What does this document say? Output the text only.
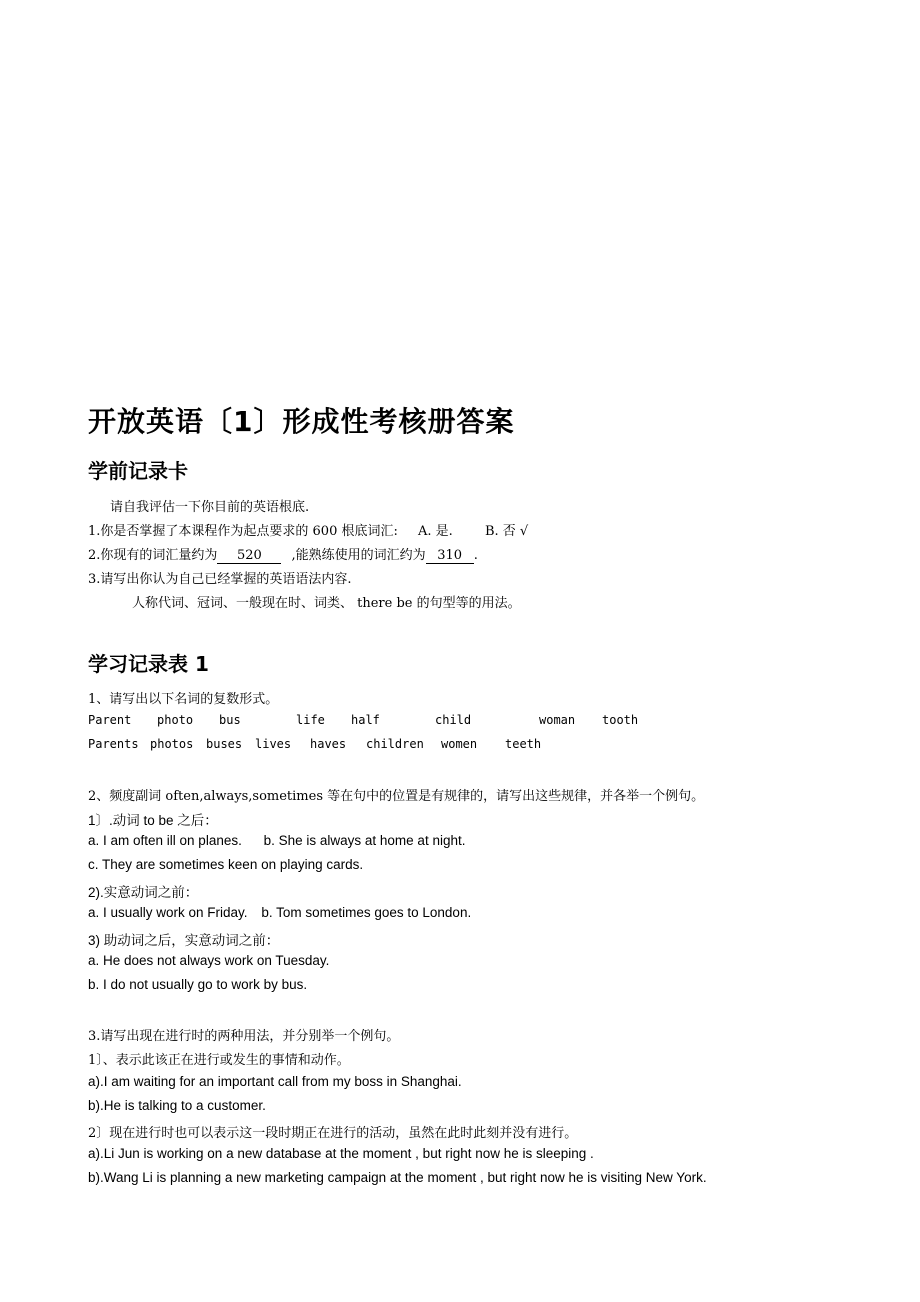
开放英语〔1〕形成性考核册答案
学前记录卡
请自我评估一下你目前的英语根底.
1.你是否掌握了本课程作为起点要求的 600 根底词汇: A. 是. B. 否 √
2.你现有的词汇量约为 520 ,能熟练使用的词汇约为 310 .
3.请写出你认为自己已经掌握的英语语法内容.
人称代词、冠词、一般现在时、词类、 there be 的句型等的用法。
学习记录表 1
1、请写出以下名词的复数形式。
Parent photo bus	life half	child	woman tooth
Parents photos buses lives haves children women teeth
2、频度副词 often,always,sometimes 等在句中的位置是有规律的，请写出这些规律，并各举一个例句。
1〕.动词 to be 之后：
a. I am often ill on planes. b. She is always at home at night.
c. They are sometimes keen on playing cards.
2).实意动词之前：
a. I usually work on Friday. b. Tom sometimes goes to London.
3) 助动词之后，实意动词之前：
a. He does not always work on Tuesday.
b. I do not usually go to work by bus.
3.请写出现在进行时的两种用法，并分别举一个例句。
1〕、表示此该正在进行或发生的事情和动作。
a).I am waiting for an important call from my boss in Shanghai.
b).He is talking to a customer.
2〕现在进行时也可以表示这一段时期正在进行的活动，虽然在此时此刻并没有进行。
a).Li Jun is working on a new database at the moment , but right now he is sleeping .
b).Wang Li is planning a new marketing campaign at the moment , but right now he is visiting New York.
